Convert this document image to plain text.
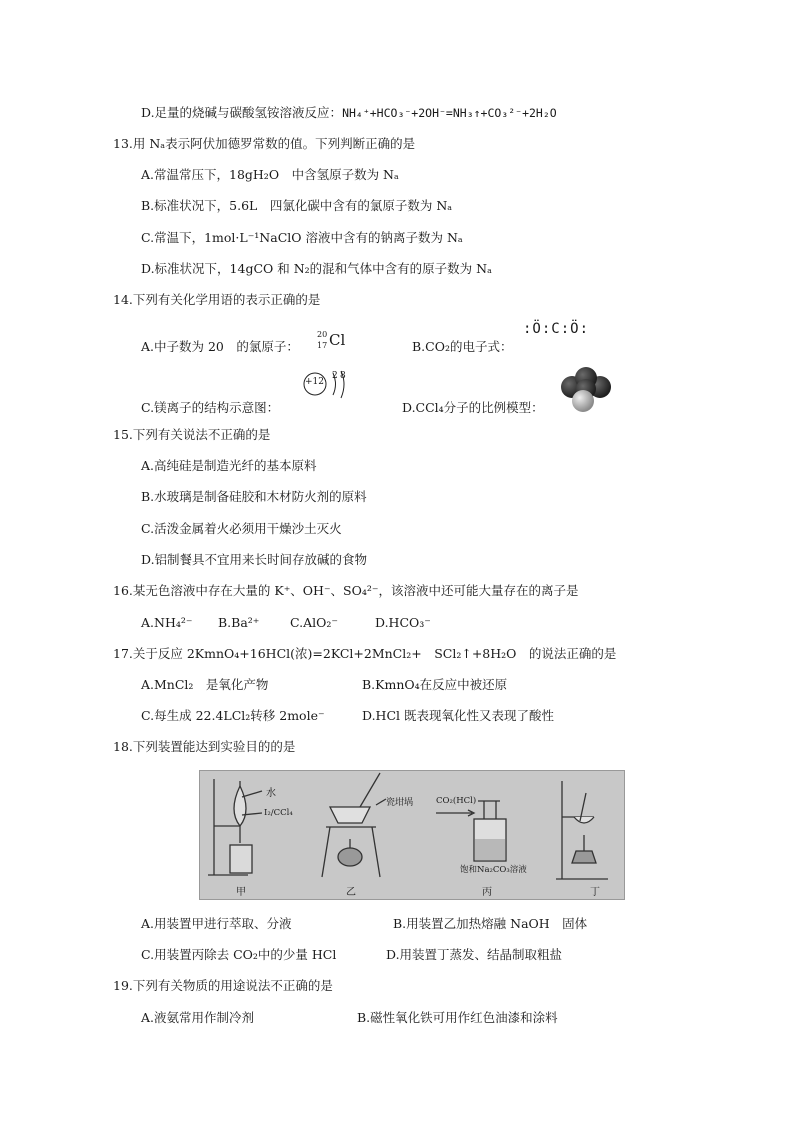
D.足量的烧碱与碳酸氢铵溶液反应：NH₄⁺+HCO₃⁻+2OH⁻=NH₃↑+CO₃²⁻+2H₂O
13.用 Nₐ表示阿伏加德罗常数的值。下列判断正确的是
A.常温常压下，18gH₂O　中含氢原子数为 Nₐ
B.标准状况下，5.6L　四氯化碳中含有的氯原子数为 Nₐ
C.常温下，1mol·L⁻¹NaClO 溶液中含有的钠离子数为 Nₐ
D.标准状况下，14gCO 和 N₂的混和气体中含有的原子数为 Nₐ
14.下列有关化学用语的表示正确的是
A.中子数为 20　的氯原子：
20
17 Cl	B.CO₂的电子式：
:Ö:C:Ö:
+12
2 8
C.镁离子的结构示意图：	D.CCl₄分子的比例模型：
15.下列有关说法不正确的是
A.高纯硅是制造光纤的基本原料
B.水玻璃是制备硅胶和木材防火剂的原料
C.活泼金属着火必须用干燥沙土灭火
D.铝制餐具不宜用来长时间存放碱的食物
16.某无色溶液中存在大量的 K⁺、OH⁻、SO₄²⁻，该溶液中还可能大量存在的离子是
A.NH₄²⁻ B.Ba²⁺ C.AlO₂⁻	D.HCO₃⁻
17.关于反应 2KmnO₄+16HCl(浓)=2KCl+2MnCl₂+　SCl₂↑+8H₂O　的说法正确的是
A.MnCl₂　是氧化产物	B.KmnO₄在反应中被还原
C.每生成 22.4LCl₂转移 2mole⁻	D.HCl 既表现氧化性又表现了酸性
18.下列装置能达到实验目的的是
水
I₂/CCl₄
瓷坩埚	CO₂(HCl)
饱和Na₂CO₃溶液
甲	乙	丙	丁
A.用装置甲进行萃取、分液	B.用装置乙加热熔融 NaOH　固体
C.用装置丙除去 CO₂中的少量 HCl	D.用装置丁蒸发、结晶制取粗盐
19.下列有关物质的用途说法不正确的是
A.液氨常用作制冷剂	B.磁性氧化铁可用作红色油漆和涂料
